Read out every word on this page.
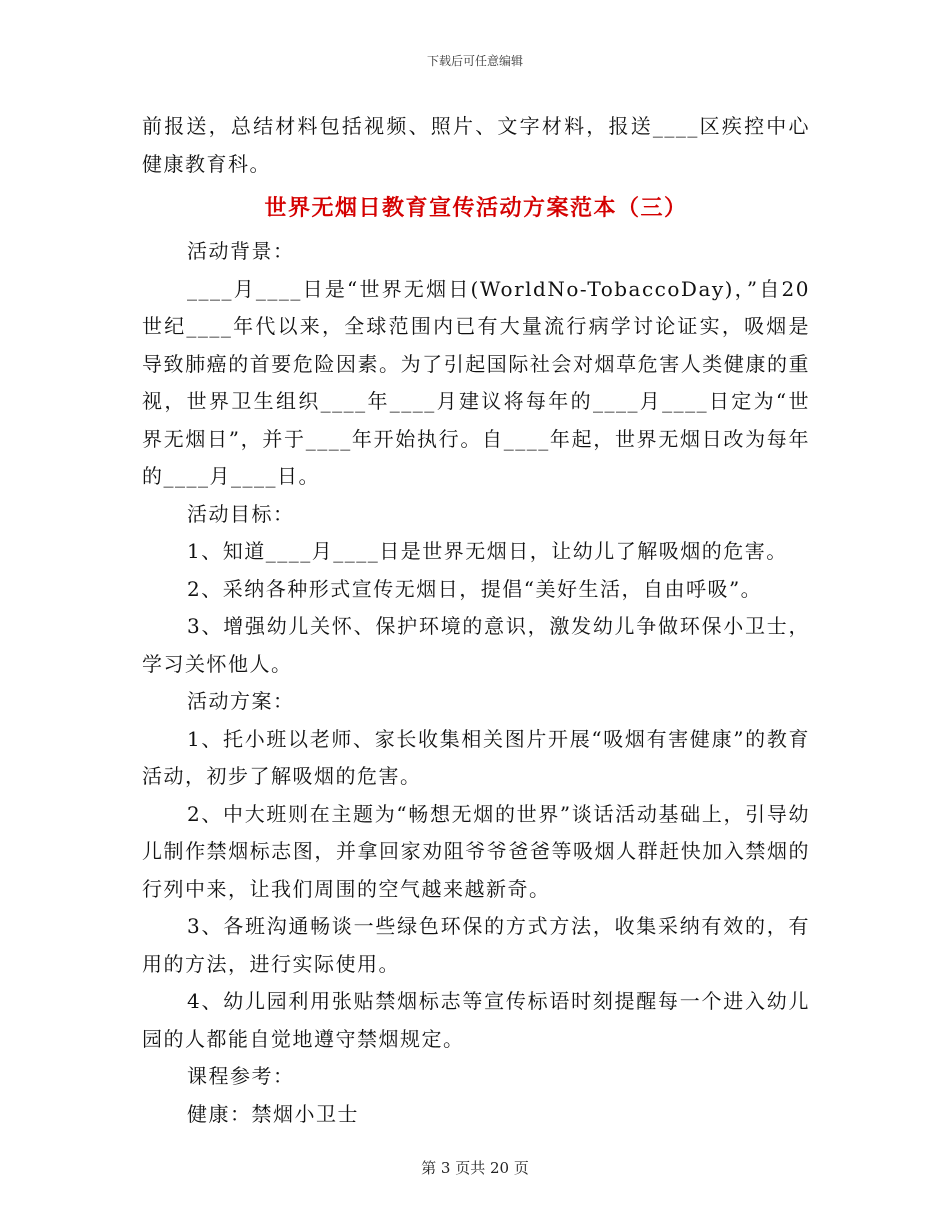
下载后可任意编辑

前报送，总结材料包括视频、照片、文字材料，报送____区疾控中心健康教育科。

世界无烟日教育宣传活动方案范本（三）

活动背景：

____月____日是“世界无烟日(WorldNo-TobaccoDay)，”自20世纪____年代以来，全球范围内已有大量流行病学讨论证实，吸烟是导致肺癌的首要危险因素。为了引起国际社会对烟草危害人类健康的重视，世界卫生组织____年____月建议将每年的____月____日定为“世界无烟日”，并于____年开始执行。自____年起，世界无烟日改为每年的____月____日。

活动目标：

1、知道____月____日是世界无烟日，让幼儿了解吸烟的危害。

2、采纳各种形式宣传无烟日，提倡“美好生活，自由呼吸”。

3、增强幼儿关怀、保护环境的意识，激发幼儿争做环保小卫士，学习关怀他人。

活动方案：

1、托小班以老师、家长收集相关图片开展“吸烟有害健康”的教育活动，初步了解吸烟的危害。

2、中大班则在主题为“畅想无烟的世界”谈话活动基础上，引导幼儿制作禁烟标志图，并拿回家劝阻爷爷爸爸等吸烟人群赶快加入禁烟的行列中来，让我们周围的空气越来越新奇。

3、各班沟通畅谈一些绿色环保的方式方法，收集采纳有效的，有用的方法，进行实际使用。

4、幼儿园利用张贴禁烟标志等宣传标语时刻提醒每一个进入幼儿园的人都能自觉地遵守禁烟规定。

课程参考：

健康：禁烟小卫士

第 3 页共 20 页
